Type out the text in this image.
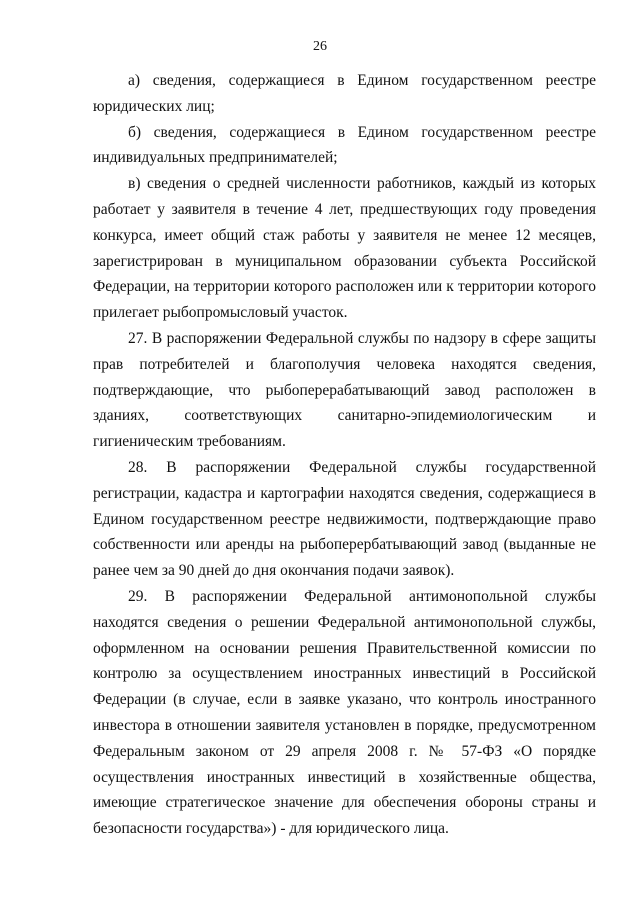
26

а) сведения, содержащиеся в Едином государственном реестре юридических лиц;

б) сведения, содержащиеся в Едином государственном реестре индивидуальных предпринимателей;

в) сведения о средней численности работников, каждый из которых работает у заявителя в течение 4 лет, предшествующих году проведения конкурса, имеет общий стаж работы у заявителя не менее 12 месяцев, зарегистрирован в муниципальном образовании субъекта Российской Федерации, на территории которого расположен или к территории которого прилегает рыбопромысловый участок.

27. В распоряжении Федеральной службы по надзору в сфере защиты прав потребителей и благополучия человека находятся сведения, подтверждающие, что рыбоперерабатывающий завод расположен в зданиях, соответствующих санитарно-эпидемиологическим и гигиеническим требованиям.

28. В распоряжении Федеральной службы государственной регистрации, кадастра и картографии находятся сведения, содержащиеся в Едином государственном реестре недвижимости, подтверждающие право собственности или аренды на рыбоперербатывающий завод (выданные не ранее чем за 90 дней до дня окончания подачи заявок).

29. В распоряжении Федеральной антимонопольной службы находятся сведения о решении Федеральной антимонопольной службы, оформленном на основании решения Правительственной комиссии по контролю за осуществлением иностранных инвестиций в Российской Федерации (в случае, если в заявке указано, что контроль иностранного инвестора в отношении заявителя установлен в порядке, предусмотренном Федеральным законом от 29 апреля 2008 г. № 57-ФЗ «О порядке осуществления иностранных инвестиций в хозяйственные общества, имеющие стратегическое значение для обеспечения обороны страны и безопасности государства») - для юридического лица.
